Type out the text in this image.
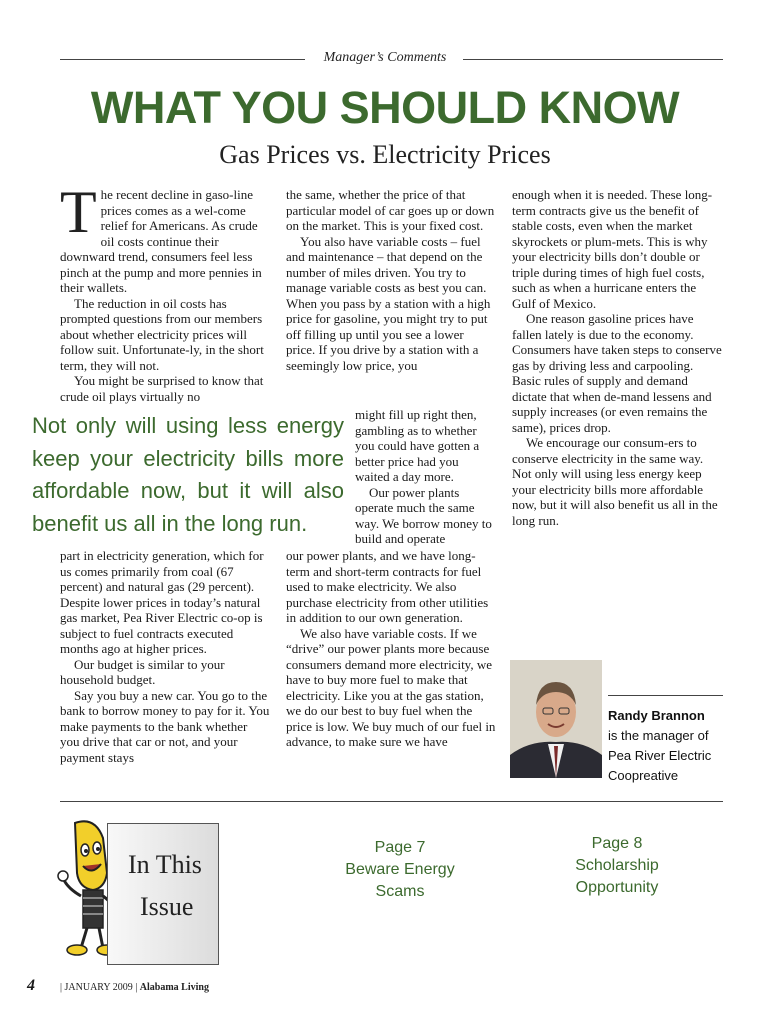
Manager’s Comments
WHAT YOU SHOULD KNOW
Gas Prices vs. Electricity Prices

The recent decline in gaso-line prices comes as a wel-come relief for Americans. As crude oil costs continue their downward trend, consumers feel less pinch at the pump and more pennies in their wallets.

The reduction in oil costs has prompted questions from our members about whether electricity prices will follow suit. Unfortunate-ly, in the short term, they will not.

You might be surprised to know that crude oil plays virtually no

Not only will using less energy keep your electricity bills more affordable now, but it will also benefit us all in the long run.

part in electricity generation, which for us comes primarily from coal (67 percent) and natural gas (29 percent). Despite lower prices in today’s natural gas market, Pea River Electric co-op is subject to fuel contracts executed months ago at higher prices.

Our budget is similar to your household budget.

Say you buy a new car. You go to the bank to borrow money to pay for it. You make payments to the bank whether you drive that car or not, and your payment stays

the same, whether the price of that particular model of car goes up or down on the market. This is your fixed cost.

You also have variable costs – fuel and maintenance – that depend on the number of miles driven. You try to manage variable costs as best you can. When you pass by a station with a high price for gasoline, you might try to put off filling up until you see a lower price. If you drive by a station with a seemingly low price, you

might fill up right then, gambling as to whether you could have gotten a better price had you waited a day more.

Our power plants operate much the same way. We borrow money to build and operate

our power plants, and we have long-term and short-term contracts for fuel used to make electricity. We also purchase electricity from other utilities in addition to our own generation.

We also have variable costs. If we “drive” our power plants more because consumers demand more electricity, we have to buy more fuel to make that electricity. Like you at the gas station, we do our best to buy fuel when the price is low. We buy much of our fuel in advance, to make sure we have

enough when it is needed. These long-term contracts give us the benefit of stable costs, even when the market skyrockets or plum-mets. This is why your electricity bills don’t double or triple during times of high fuel costs, such as when a hurricane enters the Gulf of Mexico.

One reason gasoline prices have fallen lately is due to the economy. Consumers have taken steps to conserve gas by driving less and carpooling. Basic rules of supply and demand dictate that when de-mand lessens and supply increases (or even remains the same), prices drop.

We encourage our consum-ers to conserve electricity in the same way. Not only will using less energy keep your electricity bills more affordable now, but it will also benefit us all in the long run.

Randy Brannon
is the manager of Pea River Electric Coopreative
In This
Issue
Page 7
Beware Energy Scams
Page 8
Scholarship Opportunity
4	| JANUARY 2009 | Alabama Living
